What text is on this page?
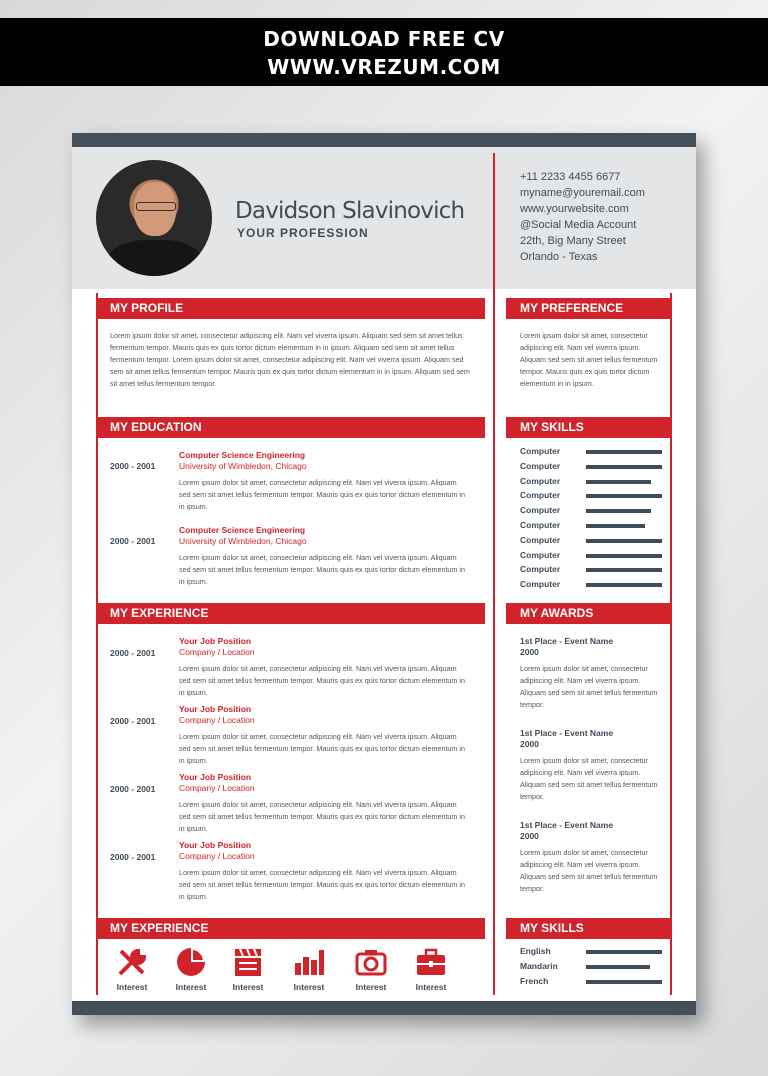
DOWNLOAD FREE CV
WWW.VREZUM.COM
Davidson Slavinovich
YOUR PROFESSION
+11 2233 4455 6677
myname@youremail.com
www.yourwebsite.com
@Social Media Account
22th, Big Many Street
Orlando - Texas
MY PROFILE
Lorem ipsum dolor sit amet, consectetur adipiscing elit. Nam vel viverra ipsum. Aliquam sed sem sit amet tellus fermentum tempor. Mauris quis ex quis tortor dictum elementum in in ipsum. Aliquam sed sem sit amet tellus fermentum tempor. Lorem ipsum dolor sit amet, consectetur adipiscing elit. Nam vel viverra ipsum. Aliquam sed sem sit amet tellus fermentum tempor. Mauris quis ex quis tortor dictum elementum in in ipsum. Aliquam sed sem sit amet tellus fermentum tempor.
MY EDUCATION
2000 - 2001
Computer Science Engineering
University of Wimbledon, Chicago
Lorem ipsum dolor sit amet, consectetur adipiscing elit. Nam vel viverra ipsum. Aliquam sed sem sit amet tellus fermentum tempor. Mauris quis ex quis tortor dictum elementum in in ipsum.
2000 - 2001
Computer Science Engineering
University of Wimbledon, Chicago
Lorem ipsum dolor sit amet, consectetur adipiscing elit. Nam vel viverra ipsum. Aliquam sed sem sit amet tellus fermentum tempor. Mauris quis ex quis tortor dictum elementum in in ipsum.
MY EXPERIENCE
2000 - 2001
Your Job Position
Company / Location
Lorem ipsum dolor sit amet, consectetur adipiscing elit. Nam vel viverra ipsum. Aliquam sed sem sit amet tellus fermentum tempor. Mauris quis ex quis tortor dictum elementum in in ipsum.
2000 - 2001
Your Job Position
Company / Location
Lorem ipsum dolor sit amet, consectetur adipiscing elit. Nam vel viverra ipsum. Aliquam sed sem sit amet tellus fermentum tempor. Mauris quis ex quis tortor dictum elementum in in ipsum.
2000 - 2001
Your Job Position
Company / Location
Lorem ipsum dolor sit amet, consectetur adipiscing elit. Nam vel viverra ipsum. Aliquam sed sem sit amet tellus fermentum tempor. Mauris quis ex quis tortor dictum elementum in in ipsum.
2000 - 2001
Your Job Position
Company / Location
Lorem ipsum dolor sit amet, consectetur adipiscing elit. Nam vel viverra ipsum. Aliquam sed sem sit amet tellus fermentum tempor. Mauris quis ex quis tortor dictum elementum in in ipsum.
MY EXPERIENCE
Interest	Interest	Interest	Interest	Interest	Interest
MY PREFERENCE
Lorem ipsum dolor sit amet, consectetur adipiscing elit. Nam vel viverra ipsum. Aliquam sed sem sit amet tellus fermentum tempor. Mauris quis ex quis tortor dictum elementum in in ipsum.
MY SKILLS
Computer
Computer
Computer
Computer
Computer
Computer
Computer
Computer
Computer
Computer
MY AWARDS
1st Place - Event Name
2000
Lorem ipsum dolor sit amet, consectetur adipiscing elit. Nam vel viverra ipsum. Aliquam sed sem sit amet tellus fermentum tempor.
1st Place - Event Name
2000
Lorem ipsum dolor sit amet, consectetur adipiscing elit. Nam vel viverra ipsum. Aliquam sed sem sit amet tellus fermentum tempor.
1st Place - Event Name
2000
Lorem ipsum dolor sit amet, consectetur adipiscing elit. Nam vel viverra ipsum. Aliquam sed sem sit amet tellus fermentum tempor.
MY SKILLS
English
Mandarin
French
